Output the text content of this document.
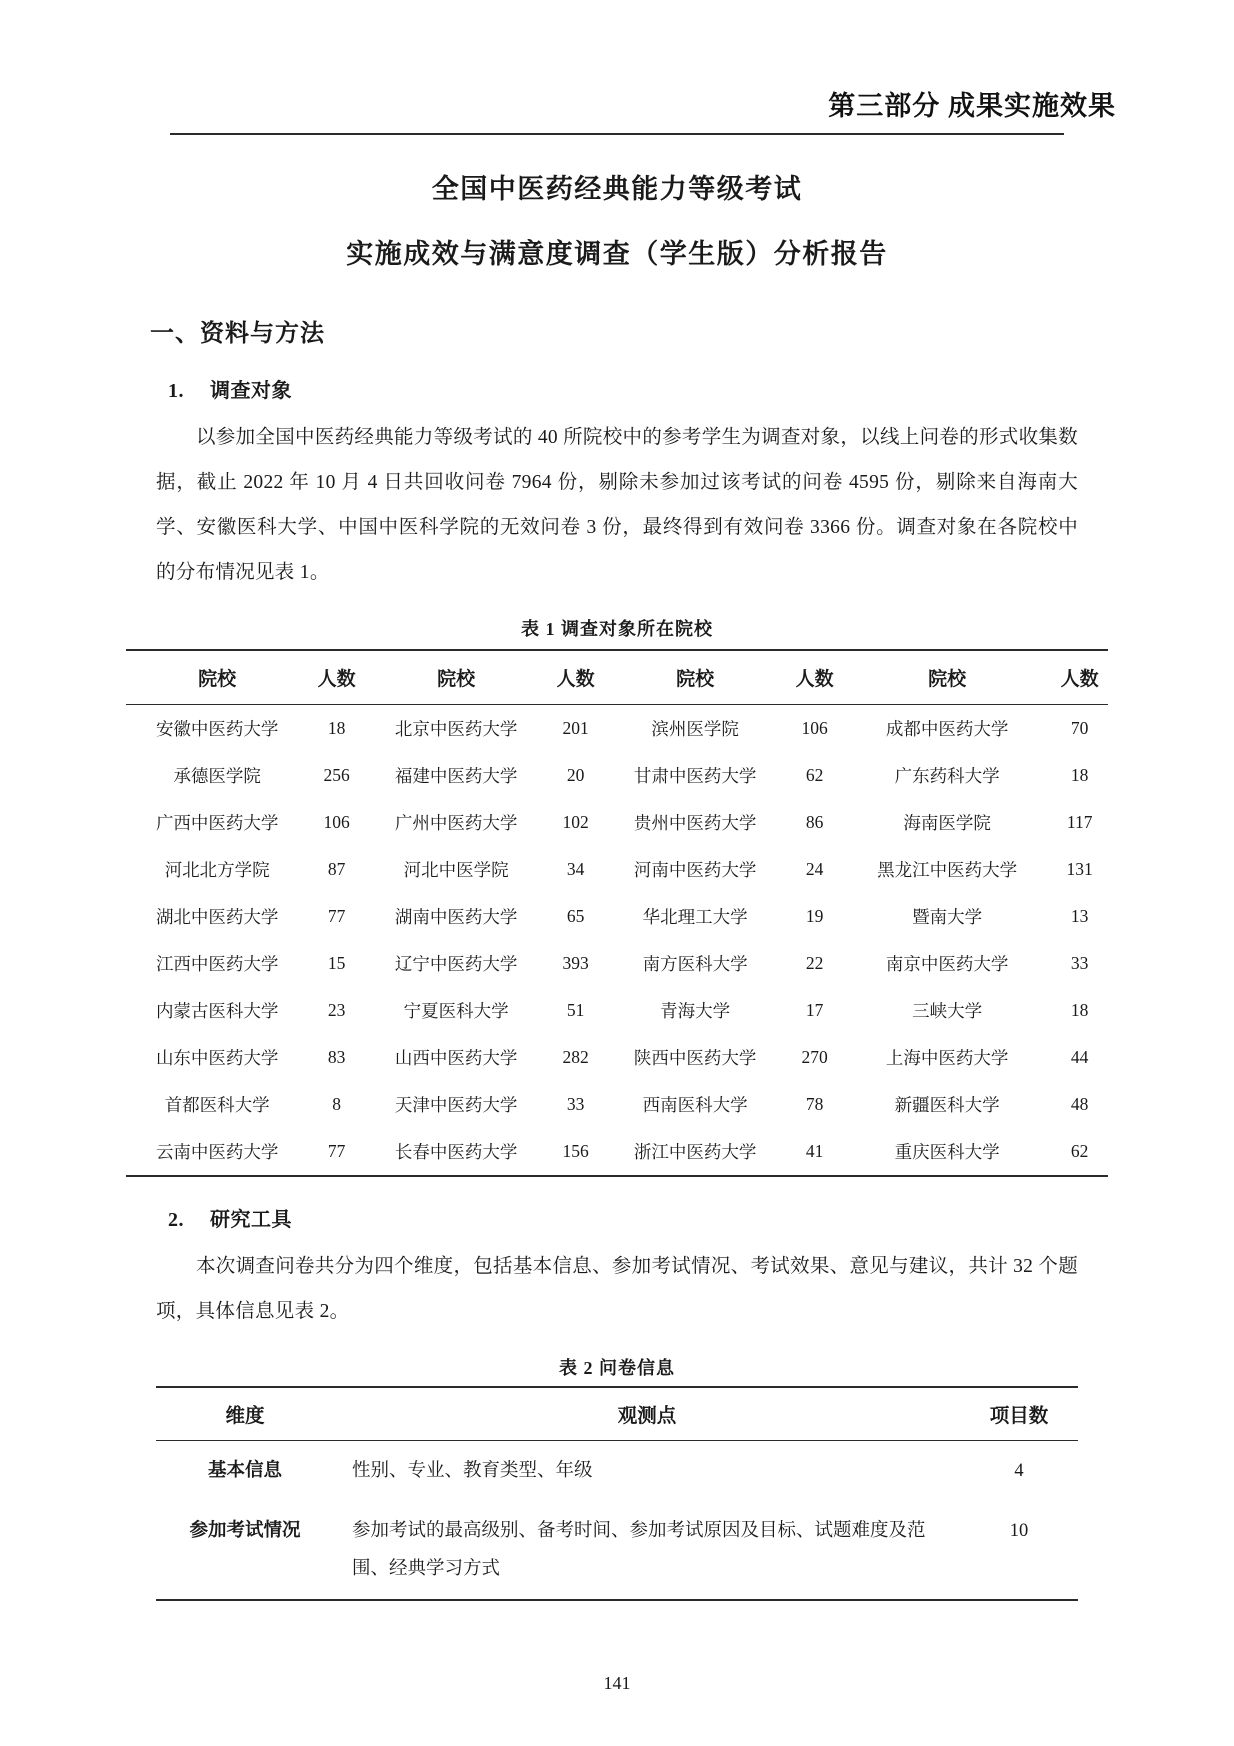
第三部分 成果实施效果
全国中医药经典能力等级考试
实施成效与满意度调查（学生版）分析报告
一、资料与方法
1. 调查对象
以参加全国中医药经典能力等级考试的 40 所院校中的参考学生为调查对象，以线上问卷的形式收集数据，截止 2022 年 10 月 4 日共回收问卷 7964 份，剔除未参加过该考试的问卷 4595 份，剔除来自海南大学、安徽医科大学、中国中医科学院的无效问卷 3 份，最终得到有效问卷 3366 份。调查对象在各院校中的分布情况见表 1。
表 1 调查对象所在院校
院校	人数	院校	人数	院校	人数	院校	人数
安徽中医药大学	18	北京中医药大学	201	滨州医学院	106	成都中医药大学	70
承德医学院	256	福建中医药大学	20	甘肃中医药大学	62	广东药科大学	18
广西中医药大学	106	广州中医药大学	102	贵州中医药大学	86	海南医学院	117
河北北方学院	87	河北中医学院	34	河南中医药大学	24	黑龙江中医药大学	131
湖北中医药大学	77	湖南中医药大学	65	华北理工大学	19	暨南大学	13
江西中医药大学	15	辽宁中医药大学	393	南方医科大学	22	南京中医药大学	33
内蒙古医科大学	23	宁夏医科大学	51	青海大学	17	三峡大学	18
山东中医药大学	83	山西中医药大学	282	陕西中医药大学	270	上海中医药大学	44
首都医科大学	8	天津中医药大学	33	西南医科大学	78	新疆医科大学	48
云南中医药大学	77	长春中医药大学	156	浙江中医药大学	41	重庆医科大学	62
2. 研究工具
本次调查问卷共分为四个维度，包括基本信息、参加考试情况、考试效果、意见与建议，共计 32 个题项，具体信息见表 2。
表 2 问卷信息
维度	观测点	项目数
基本信息	性别、专业、教育类型、年级	4
参加考试情况	参加考试的最高级别、备考时间、参加考试原因及目标、试题难度及范围、经典学习方式	10
141
